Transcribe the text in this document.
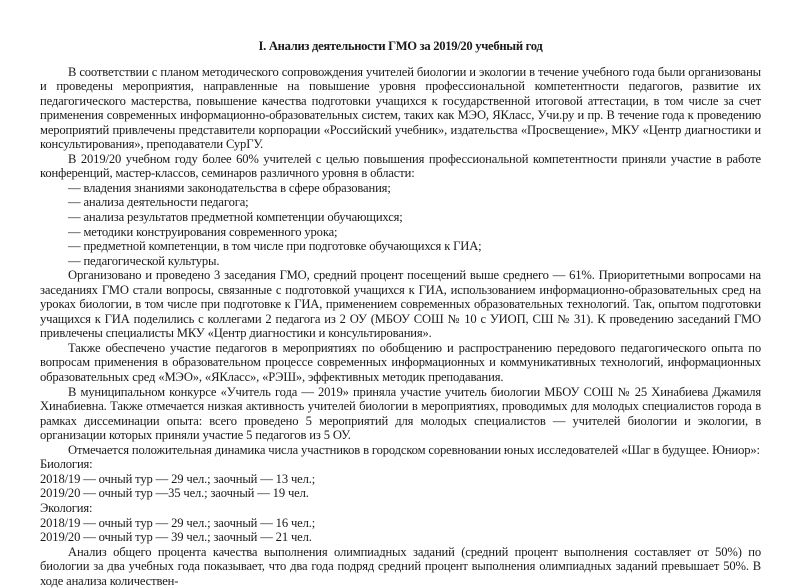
I. Анализ деятельности ГМО за 2019/20 учебный год

В соответствии с планом методического сопровождения учителей биологии и экологии в течение учебного года были организованы и проведены мероприятия, направленные на повышение уровня профессиональной компетентности педагогов, развитие их педагогического мастерства, повышение качества подготовки учащихся к государственной итоговой аттестации, в том числе за счет применения современных информационно-образовательных систем, таких как МЭО, ЯКласс, Учи.ру и пр. В течение года к проведению мероприятий привлечены представители корпорации «Российский учебник», издательства «Просвещение», МКУ «Центр диагностики и консультирования», преподаватели СурГУ.

В 2019/20 учебном году более 60% учителей с целью повышения профессиональной компетентности приняли участие в работе конференций, мастер-классов, семинаров различного уровня в области:

— владения знаниями законодательства в сфере образования;
— анализа деятельности педагога;
— анализа результатов предметной компетенции обучающихся;
— методики конструирования современного урока;
— предметной компетенции, в том числе при подготовке обучающихся к ГИА;
— педагогической культуры.

Организовано и проведено 3 заседания ГМО, средний процент посещений выше среднего — 61%. Приоритетными вопросами на заседаниях ГМО стали вопросы, связанные с подготовкой учащихся к ГИА, использованием информационно-образовательных сред на уроках биологии, в том числе при подготовке к ГИА, применением современных образовательных технологий. Так, опытом подготовки учащихся к ГИА поделились с коллегами 2 педагога из 2 ОУ (МБОУ СОШ № 10 с УИОП, СШ № 31). К проведению заседаний ГМО привлечены специалисты МКУ «Центр диагностики и консультирования».

Также обеспечено участие педагогов в мероприятиях по обобщению и распространению передового педагогического опыта по вопросам применения в образовательном процессе современных информационных и коммуникативных технологий, информационных образовательных сред «МЭО», «ЯКласс», «РЭШ», эффективных методик преподавания.

В муниципальном конкурсе «Учитель года — 2019» приняла участие учитель биологии МБОУ СОШ № 25 Хинабиева Джамиля Хинабиевна. Также отмечается низкая активность учителей биологии в мероприятиях, проводимых для молодых специалистов города в рамках диссеминации опыта: всего проведено 5 мероприятий для молодых специалистов — учителей биологии и экологии, в организации которых приняли участие 5 педагогов из 5 ОУ.

Отмечается положительная динамика числа участников в городском соревновании юных исследователей «Шаг в будущее. Юниор»:

Биология:
2018/19 — очный тур — 29 чел.; заочный — 13 чел.;
2019/20 — очный тур —35 чел.; заочный — 19 чел.
Экология:
2018/19 — очный тур — 29 чел.; заочный — 16 чел.;
2019/20 — очный тур — 39 чел.; заочный — 21 чел.

Анализ общего процента качества выполнения олимпиадных заданий (средний процент выполнения составляет от 50%) по биологии за два учебных года показывает, что два года подряд средний процент выполнения олимпиадных заданий превышает 50%. В ходе анализа количествен-
